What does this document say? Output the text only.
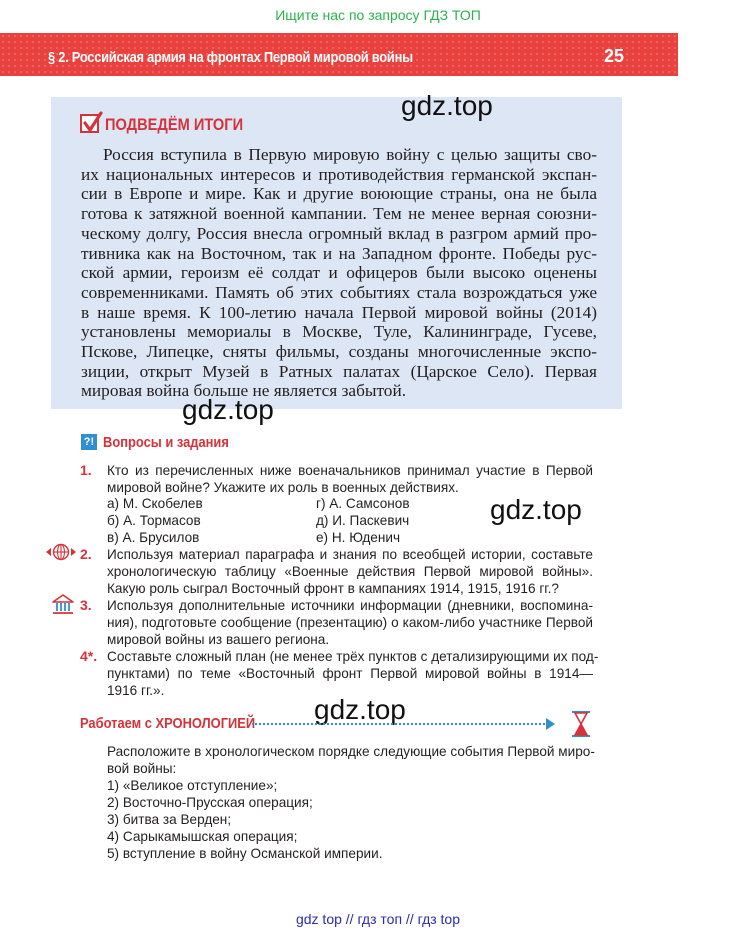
Ищите нас по запросу ГДЗ ТОП
§ 2. Российская армия на фронтах Первой мировой войны	25
ПОДВЕДЁМ ИТОГИ
Россия вступила в Первую мировую войну с целью защиты сво-
их национальных интересов и противодействия германской экспан-
сии в Европе и мире. Как и другие воюющие страны, она не была
готова к затяжной военной кампании. Тем не менее верная союзни-
ческому долгу, Россия внесла огромный вклад в разгром армий про-
тивника как на Восточном, так и на Западном фронте. Победы рус-
ской армии, героизм её солдат и офицеров были высоко оценены
современниками. Память об этих событиях стала возрождаться уже
в наше время. К 100-летию начала Первой мировой войны (2014)
установлены мемориалы в Москве, Туле, Калининграде, Гусеве,
Пскове, Липецке, сняты фильмы, созданы многочисленные экспо-
зиции, открыт Музей в Ратных палатах (Царское Село). Первая
мировая война больше не является забытой.
gdz.top
gdz.top
gdz.top
gdz.top
?! Вопросы и задания
1. Кто из перечисленных ниже военачальников принимал участие в Первой
мировой войне? Укажите их роль в военных действиях.
а) М. Скобелев
б) А. Тормасов
в) А. Брусилов
г) А. Самсонов
д) И. Паскевич
е) Н. Юденич
2. Используя материал параграфа и знания по всеобщей истории, составьте
хронологическую таблицу «Военные действия Первой мировой войны».
Какую роль сыграл Восточный фронт в кампаниях 1914, 1915, 1916 гг.?
3. Используя дополнительные источники информации (дневники, воспомина-
ния), подготовьте сообщение (презентацию) о каком-либо участнике Первой
мировой войны из вашего региона.
4*. Составьте сложный план (не менее трёх пунктов с детализирующими их под-
пунктами) по теме «Восточный фронт Первой мировой войны в 1914—
1916 гг.».
Работаем с ХРОНОЛОГИЕЙ
Расположите в хронологическом порядке следующие события Первой миро-
вой войны:
1) «Великое отступление»;
2) Восточно-Прусская операция;
3) битва за Верден;
4) Сарыкамышская операция;
5) вступление в войну Османской империи.
gdz top // гдз топ // гдз top
